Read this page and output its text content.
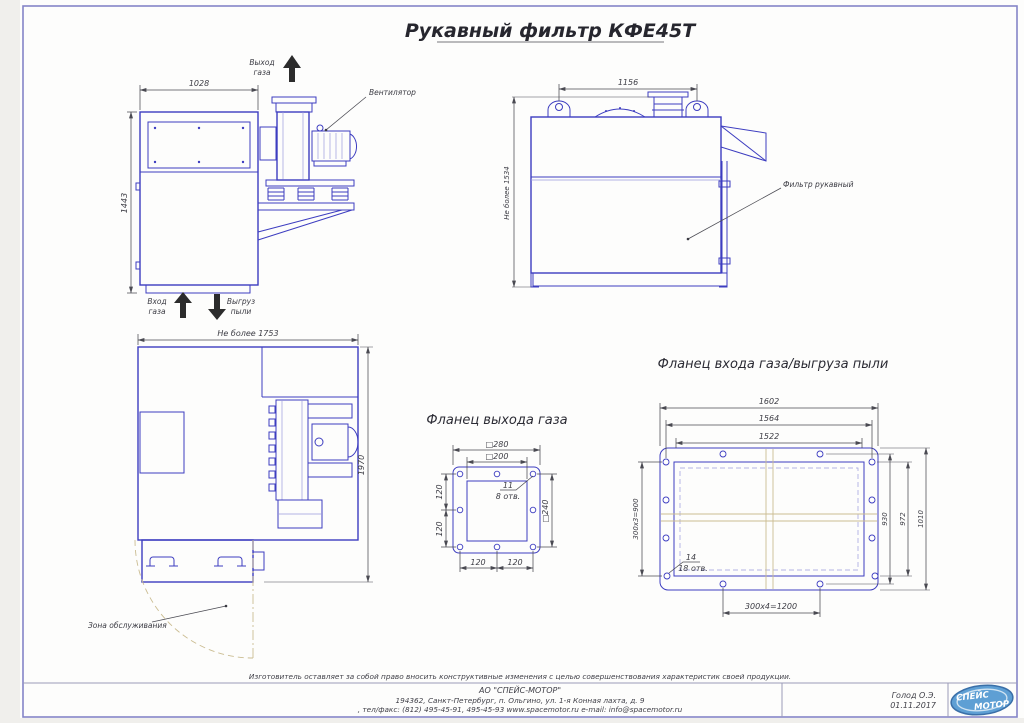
Рукавный фильтр КФЕ45Т
1028
1443
Выход
газа
Вентилятор
Вход
газа
Выгруз
пыли
1156
Не более 1534	Фильтр рукавный
Не более 1753
1970
Зона обслуживания
Фланец выхода газа
□280
□200
120
120
□240
120	120
11
8 отв.
Фланец входа газа/выгруза пыли
1602
1564
1522
300х3=900	930 972 1010
300х4=1200
14
18 отв.
Изготовитель оставляет за собой право вносить конструктивные изменения с целью совершенствования характеристик своей продукции.
АО "СПЕЙС-МОТОР"
194362, Санкт-Петербург, п. Ольгино, ул. 1-я Конная лахта, д. 9
, тел/факс: (812) 495-45-91, 495-45-93 www.spacemotor.ru e-mail: info@spacemotor.ru
Голод О.Э.
01.11.2017
СПЕЙС
МОТОР
